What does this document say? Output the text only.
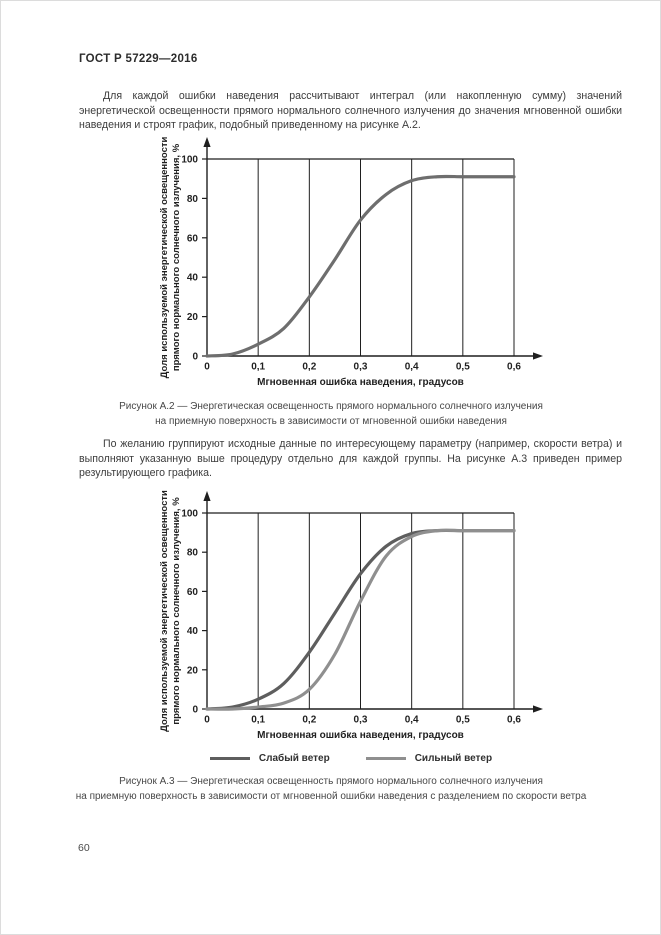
ГОСТ Р 57229—2016

Для каждой ошибки наведения рассчитывают интеграл (или накопленную сумму) значений энергетической освещенности прямого нормального солнечного излучения до значения мгновенной ошибки наведения и строят график, подобный приведенному на рисунке А.2.

0
20
40
60
80
100
0	0,1	0,2	0,3	0,4	0,5	0,6
Мгновенная ошибка наведения, градусов
Доля используемой энергетической освещенности прямого нормального солнечного излучения, %
Рисунок А.2 — Энергетическая освещенность прямого нормального солнечного излучения
на приемную поверхность в зависимости от мгновенной ошибки наведения

По желанию группируют исходные данные по интересующему параметру (например, скорости ветра) и выполняют указанную выше процедуру отдельно для каждой группы. На рисунке А.3 приведен пример результирующего графика.

0
20
40
60
80
100
0	0,1	0,2	0,3	0,4	0,5	0,6
Мгновенная ошибка наведения, градусов
Доля используемой энергетической освещенности прямого нормального солнечного излучения, %
Слабый ветер	Сильный ветер
Рисунок А.3 — Энергетическая освещенность прямого нормального солнечного излучения
на приемную поверхность в зависимости от мгновенной ошибки наведения с разделением по скорости ветра
60
